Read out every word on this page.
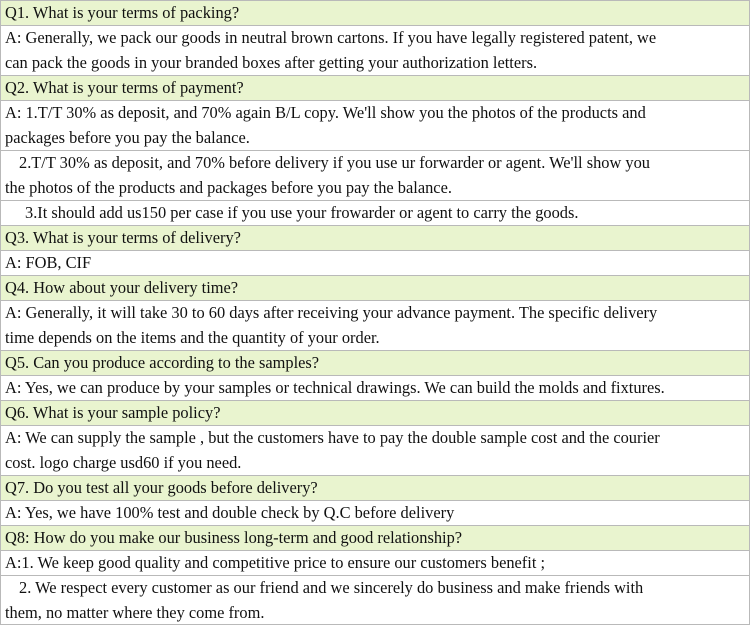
Q1. What is your terms of packing?
A: Generally, we pack our goods in neutral brown cartons. If you have legally registered patent, we
can pack the goods in your branded boxes after getting your authorization letters.
Q2. What is your terms of payment?
A: 1.T/T 30% as deposit, and 70% again B/L copy. We'll show you the photos of the products and
packages before you pay the balance.
2.T/T 30% as deposit, and 70% before delivery if you use ur forwarder or agent. We'll show you
the photos of the products and packages before you pay the balance.
3.It should add us150 per case if you use your frowarder or agent to carry the goods.
Q3. What is your terms of delivery?
A: FOB, CIF
Q4. How about your delivery time?
A: Generally, it will take 30 to 60 days after receiving your advance payment. The specific delivery
time depends on the items and the quantity of your order.
Q5. Can you produce according to the samples?
A: Yes, we can produce by your samples or technical drawings. We can build the molds and fixtures.
Q6. What is your sample policy?
A: We can supply the sample , but the customers have to pay the double sample cost and the courier
cost. logo charge usd60 if you need.
Q7. Do you test all your goods before delivery?
A: Yes, we have 100% test and double check by Q.C before delivery
Q8: How do you make our business long-term and good relationship?
A:1. We keep good quality and competitive price to ensure our customers benefit ;
2. We respect every customer as our friend and we sincerely do business and make friends with
them, no matter where they come from.
